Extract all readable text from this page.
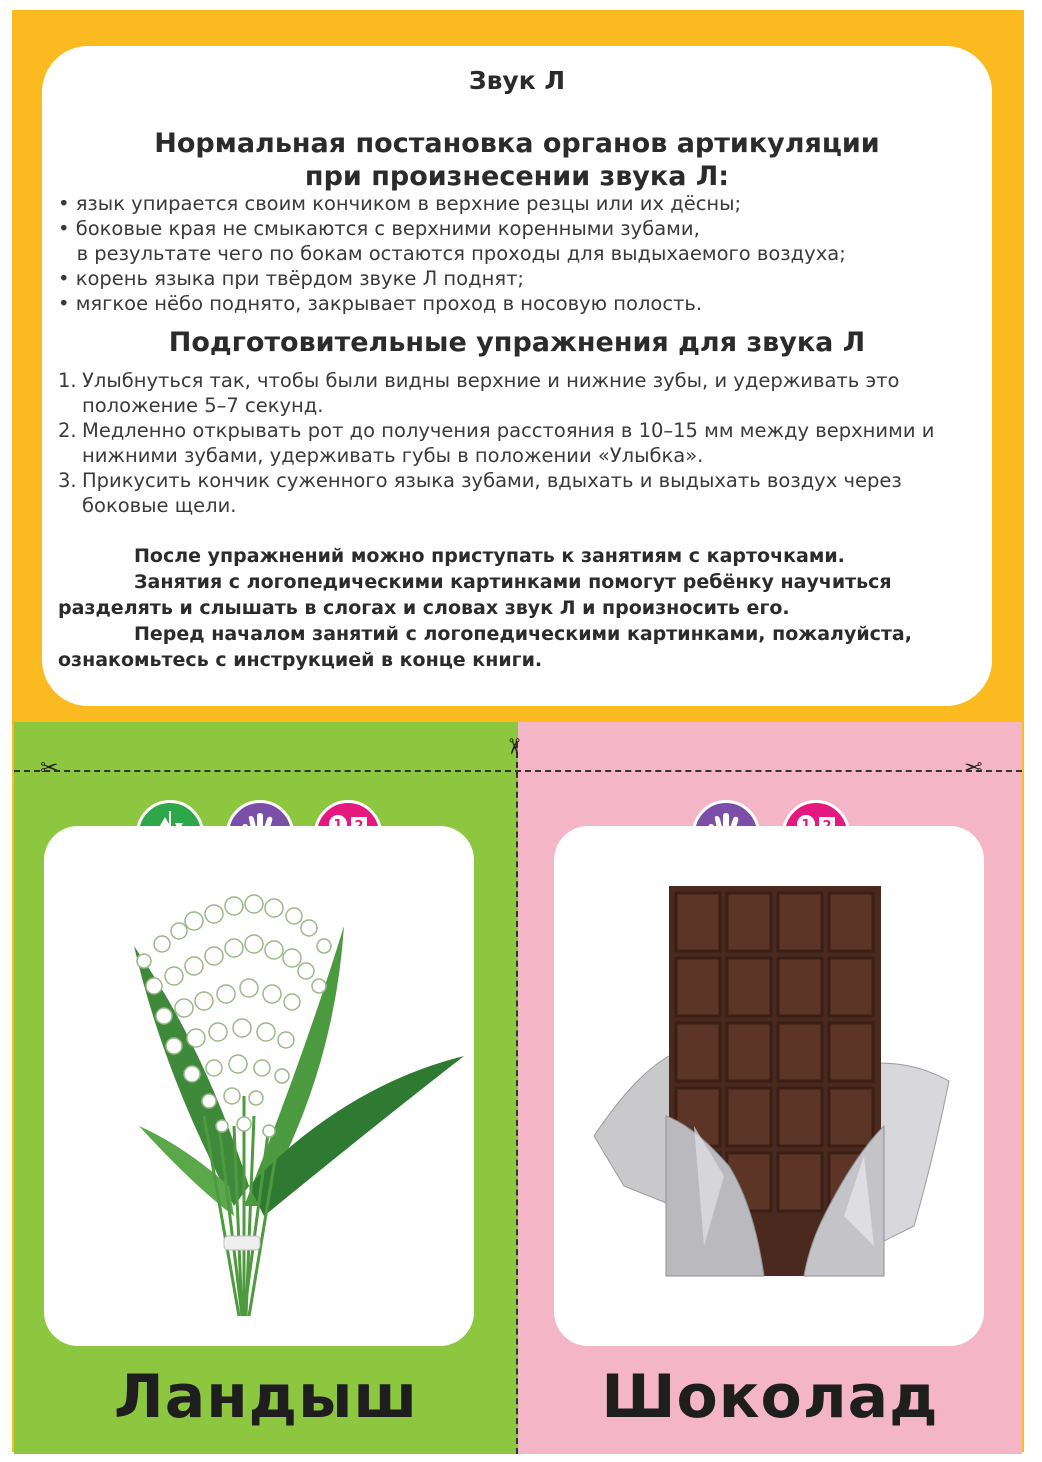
Звук Л
Нормальная постановка органов артикуляции
при произнесении звука Л:
• язык упирается своим кончиком в верхние резцы или их дёсны;
• боковые края не смыкаются с верхними коренными зубами,
в результате чего по бокам остаются проходы для выдыхаемого воздуха;
• корень языка при твёрдом звуке Л поднят;
• мягкое нёбо поднято, закрывает проход в носовую полость.
Подготовительные упражнения для звука Л
1. Улыбнуться так, чтобы были видны верхние и нижние зубы, и удерживать это
положение 5–7 секунд.
2. Медленно открывать рот до получения расстояния в 10–15 мм между верхними и
нижними зубами, удерживать губы в положении «Улыбка».
3. Прикусить кончик суженного языка зубами, вдыхать и выдыхать воздух через
боковые щели.
После упражнений можно приступать к занятиям с карточками.
Занятия с логопедическими картинками помогут ребёнку научиться
разделять и слышать в слогах и словах звук Л и произносить его.
Перед началом занятий с логопедическими картинками, пожалуйста,
ознакомьтесь с инструкцией в конце книги.
✂
✂
✂
Ландыш	Шоколад
